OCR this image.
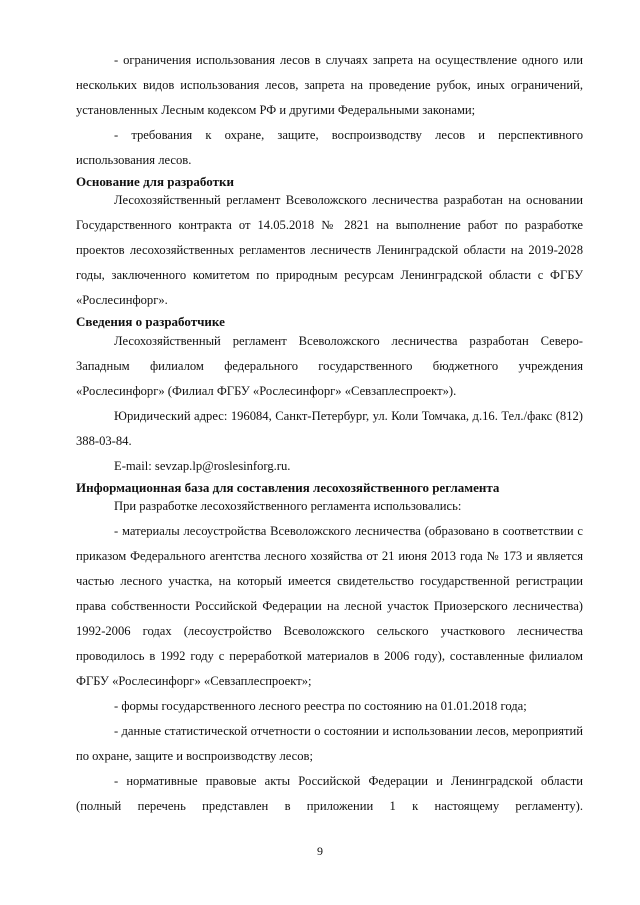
- ограничения использования лесов в случаях запрета на осуществление одного или нескольких видов использования лесов, запрета на проведение рубок, иных ограничений, установленных Лесным кодексом РФ и другими Федеральными законами;

- требования к охране, защите, воспроизводству лесов и перспективного использования лесов.

Основание для разработки

Лесохозяйственный регламент Всеволожского лесничества разработан на основании Государственного контракта от 14.05.2018 № 2821 на выполнение работ по разработке проектов лесохозяйственных регламентов лесничеств Ленинградской области на 2019-2028 годы, заключенного комитетом по природным ресурсам Ленинградской области с ФГБУ «Рослесинфорг».

Сведения о разработчике

Лесохозяйственный регламент Всеволожского лесничества разработан Северо-Западным филиалом федерального государственного бюджетного учреждения «Рослесинфорг» (Филиал ФГБУ «Рослесинфорг» «Севзаплеспроект»).

Юридический адрес: 196084, Санкт-Петербург, ул. Коли Томчака, д.16. Тел./факс (812) 388-03-84.

E-mail: sevzap.lp@roslesinforg.ru.

Информационная база для составления лесохозяйственного регламента

При разработке лесохозяйственного регламента использовались:

- материалы лесоустройства Всеволожского лесничества (образовано в соответствии с приказом Федерального агентства лесного хозяйства от 21 июня 2013 года № 173 и является частью лесного участка, на который имеется свидетельство государственной регистрации права собственности Российской Федерации на лесной участок Приозерского лесничества) 1992-2006 годах (лесоустройство Всеволожского сельского участкового лесничества проводилось в 1992 году с переработкой материалов в 2006 году), составленные филиалом ФГБУ «Рослесинфорг» «Севзаплеспроект»;

- формы государственного лесного реестра по состоянию на 01.01.2018 года;

- данные статистической отчетности о состоянии и использовании лесов, мероприятий по охране, защите и воспроизводству лесов;

- нормативные правовые акты Российской Федерации и Ленинградской области (полный перечень представлен в приложении 1 к настоящему регламенту).

9
